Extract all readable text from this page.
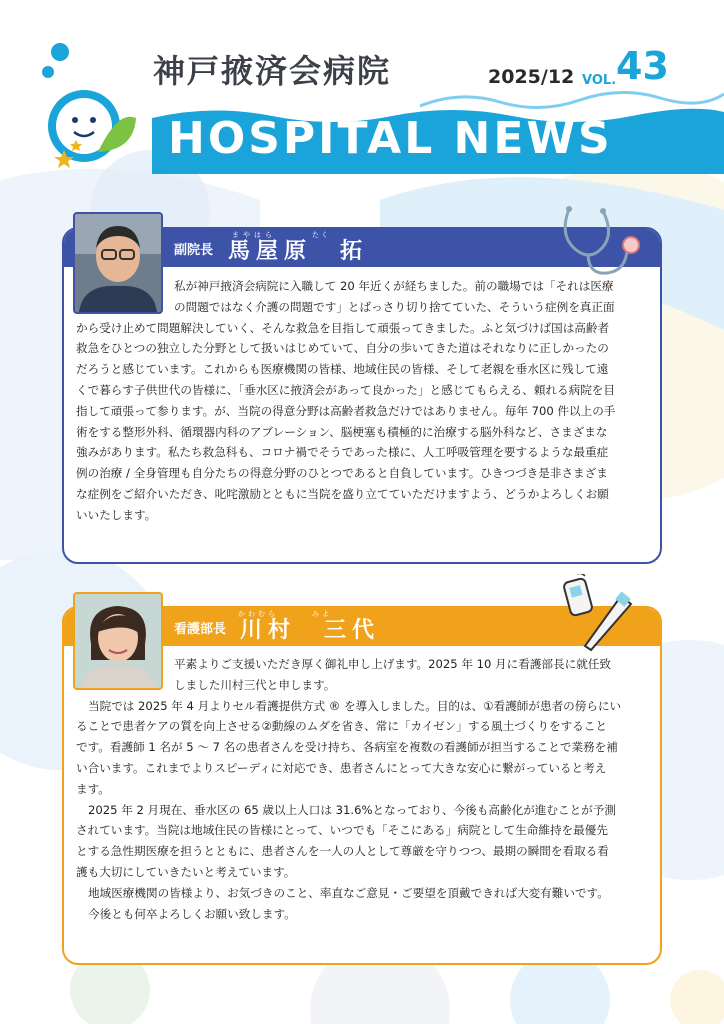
神戸掖済会病院	2025/12 VOL. 43
HOSPITAL NEWS
副院長
まやはら	たく
馬屋原　拓

私が神戸掖済会病院に入職して 20 年近くが経ちました。前の職場では「それは医療

の問題ではなく介護の問題です」とばっさり切り捨てていた、そういう症例を真正面

から受け止めて問題解決していく、そんな救急を目指して頑張ってきました。ふと気づけば国は高齢者

救急をひとつの独立した分野として扱いはじめていて、自分の歩いてきた道はそれなりに正しかったの

だろうと感じています。これからも医療機関の皆様、地域住民の皆様、そして老親を垂水区に残して遠

くで暮らす子供世代の皆様に、「垂水区に掖済会があって良かった」と感じてもらえる、頼れる病院を目

指して頑張って参ります。が、当院の得意分野は高齢者救急だけではありません。毎年 700 件以上の手

術をする整形外科、循環器内科のアブレーション、脳梗塞も積極的に治療する脳外科など、さまざまな

強みがあります。私たち救急科も、コロナ禍でそうであった様に、人工呼吸管理を要するような最重症

例の治療 / 全身管理も自分たちの得意分野のひとつであると自負しています。ひきつづき是非さまざま

な症例をご紹介いただき、叱咤激励とともに当院を盛り立てていただけますよう、どうかよろしくお願

いいたします。

看護部長
かわむら	みよ
川村　三代

平素よりご支援いただき厚く御礼申し上げます。2025 年 10 月に看護部長に就任致

しました川村三代と申します。

当院では 2025 年 4 月よりセル看護提供方式 ® を導入しました。目的は、①看護師が患者の傍らにい

ることで患者ケアの質を向上させる②動線のムダを省き、常に「カイゼン」する風土づくりをすること

です。看護師 1 名が 5 〜 7 名の患者さんを受け持ち、各病室を複数の看護師が担当することで業務を補

い合います。これまでよりスピーディに対応でき、患者さんにとって大きな安心に繋がっていると考え

ます。

2025 年 2 月現在、垂水区の 65 歳以上人口は 31.6%となっており、今後も高齢化が進むことが予測

されています。当院は地域住民の皆様にとって、いつでも「そこにある」病院として生命維持を最優先

とする急性期医療を担うとともに、患者さんを一人の人として尊厳を守りつつ、最期の瞬間を看取る看

護も大切にしていきたいと考えています。

地域医療機関の皆様より、お気づきのこと、率直なご意見・ご要望を頂戴できれば大変有難いです。

今後とも何卒よろしくお願い致します。
